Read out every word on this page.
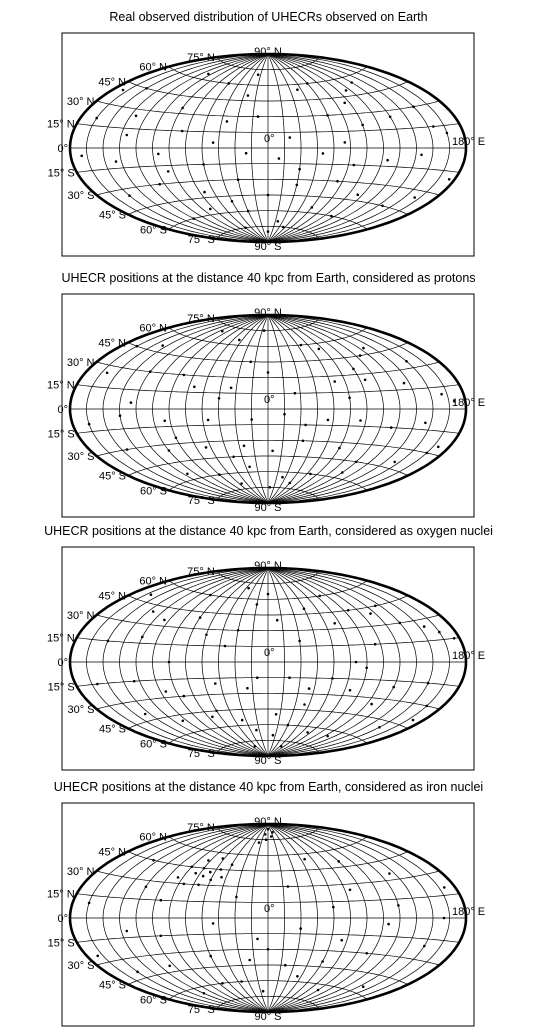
Real observed distribution of UHECRs observed on Earth
15° N
30° N
45° N
60° N
75° N
15° S
30° S
45° S
60° S
75° S
90° N
90° S
0°
0°	180° E
UHECR positions at the distance 40 kpc from Earth, considered as protons
15° N
30° N
45° N
60° N
75° N
15° S
30° S
45° S
60° S
75° S
90° N
90° S
0°
0°	180° E
UHECR positions at the distance 40 kpc from Earth, considered as oxygen nuclei
15° N
30° N
45° N
60° N
75° N
15° S
30° S
45° S
60° S
75° S
90° N
90° S
0°
0°	180° E
UHECR positions at the distance 40 kpc from Earth, considered as iron nuclei
15° N
30° N
45° N
60° N
75° N
15° S
30° S
45° S
60° S
75° S
90° N
90° S
0°
0°	180° E
